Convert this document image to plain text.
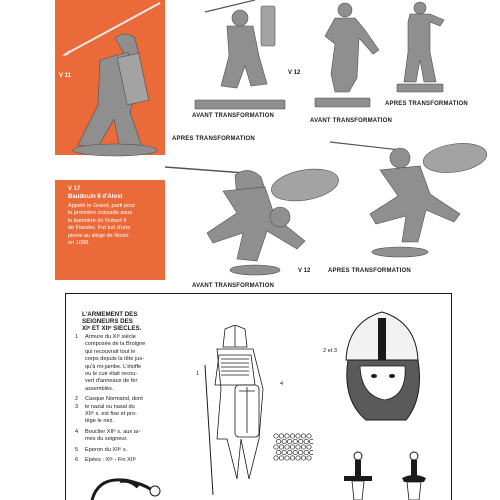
V 11	V 12
AVANT TRANSFORMATION
AVANT TRANSFORMATION
APRES TRANSFORMATION
APRES TRANSFORMATION
V 17
Baudouin II d'Alost
Appelé le Grand, parti pour
la première croisade sous
la bannière de Robert II
de Flandre. Fut tué d'une
pierre au siège de Nicée
en 1098.
V 12	APRES TRANSFORMATION
AVANT TRANSFORMATION
L'ARMEMENT DES
SEIGNEURS DES
XIᵉ ET XIIᵉ SIECLES.
1 Armure du XIᵉ siècle
composée de la Broigne
qui recouvrait tout le
corps depuis la tête jus-
qu'à mi-jambe. L'étoffe
ou le cuir était recou-
vert d'anneaux de fer
assemblés.
2
3
Casque Normand, dont
le nazal ou nasal du
XIIᵉ s. est fixe et pro-
tège le nez.
4 Bouclier XIIᵉ s. aux ar-
mes du seigneur.
5 Eperon du XIIᵉ s.
6 Epées : XIᵉ - Fin XIIᵉ
1
4
2 et 3
